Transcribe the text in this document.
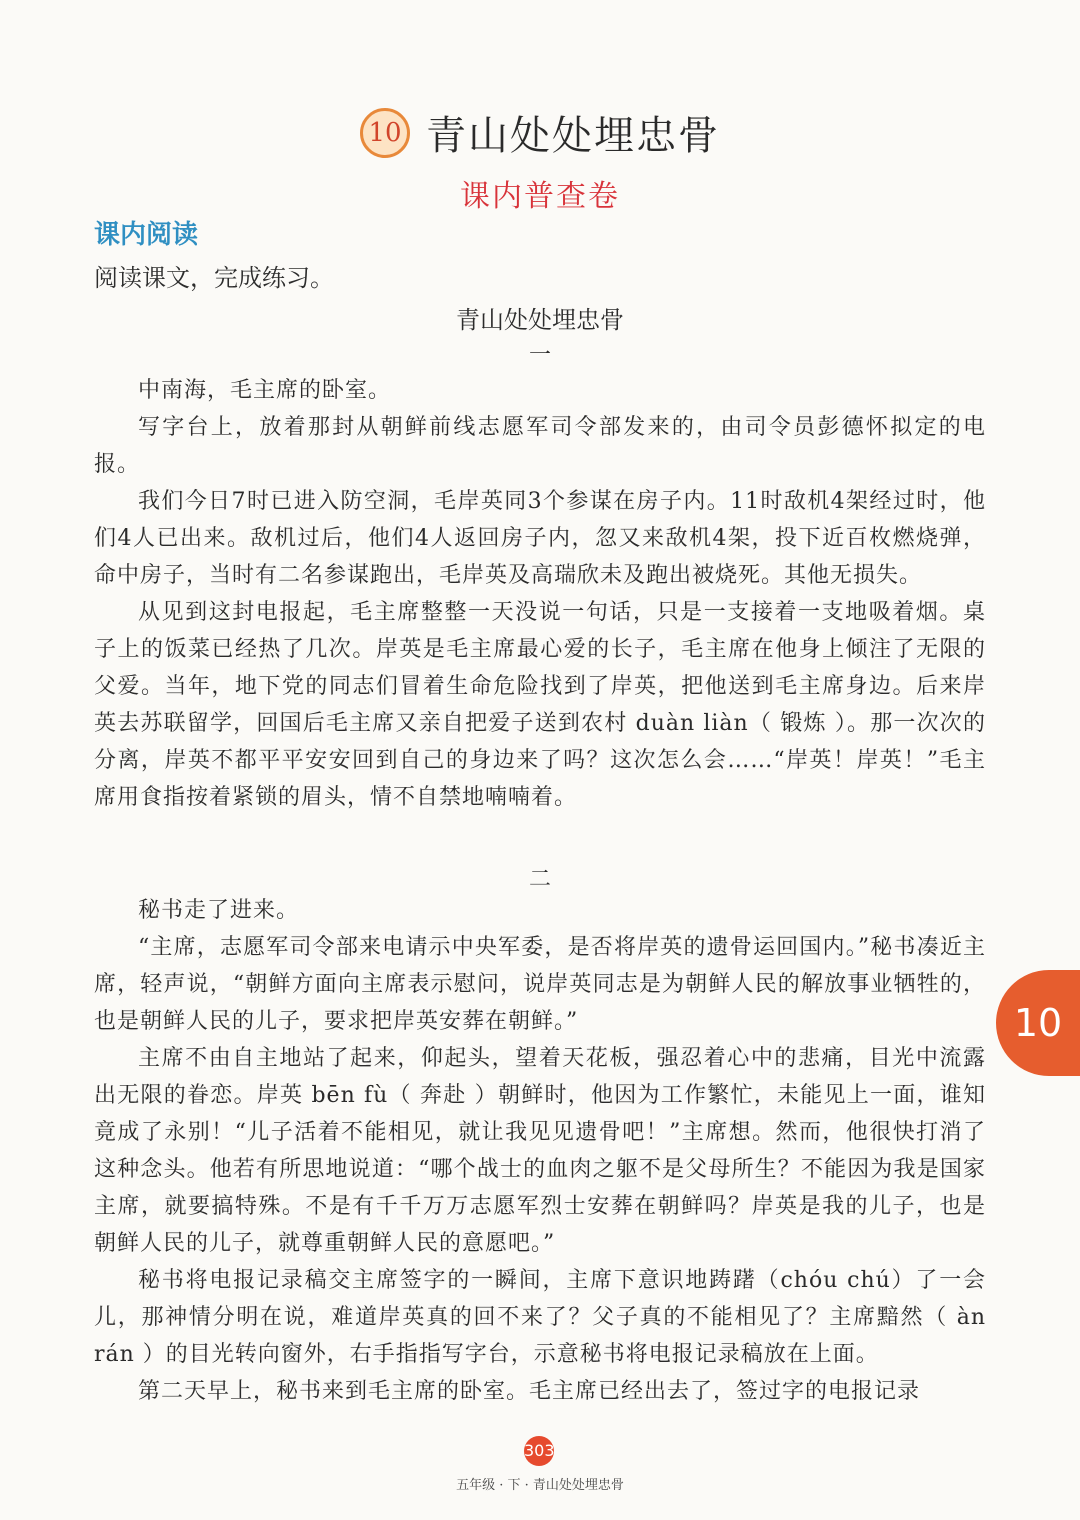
10 青山处处埋忠骨
课内普查卷
课内阅读
阅读课文，完成练习。
青山处处埋忠骨
一

中南海，毛主席的卧室。

写字台上，放着那封从朝鲜前线志愿军司令部发来的，由司令员彭德怀拟定的电报。

我们今日7时已进入防空洞，毛岸英同3个参谋在房子内。11时敌机4架经过时，他们4人已出来。敌机过后，他们4人返回房子内，忽又来敌机4架，投下近百枚燃烧弹，命中房子，当时有二名参谋跑出，毛岸英及高瑞欣未及跑出被烧死。其他无损失。

从见到这封电报起，毛主席整整一天没说一句话，只是一支接着一支地吸着烟。桌子上的饭菜已经热了几次。岸英是毛主席最心爱的长子，毛主席在他身上倾注了无限的父爱。当年，地下党的同志们冒着生命危险找到了岸英，把他送到毛主席身边。后来岸英去苏联留学，回国后毛主席又亲自把爱子送到农村 duàn liàn（ 锻炼 ）。那一次次的分离，岸英不都平平安安回到自己的身边来了吗？这次怎么会……“岸英！岸英！”毛主席用食指按着紧锁的眉头，情不自禁地喃喃着。

二

秘书走了进来。

“主席，志愿军司令部来电请示中央军委，是否将岸英的遗骨运回国内。”秘书凑近主席，轻声说，“朝鲜方面向主席表示慰问，说岸英同志是为朝鲜人民的解放事业牺牲的，也是朝鲜人民的儿子，要求把岸英安葬在朝鲜。”

主席不由自主地站了起来，仰起头，望着天花板，强忍着心中的悲痛，目光中流露出无限的眷恋。岸英 bēn fù（ 奔赴 ）朝鲜时，他因为工作繁忙，未能见上一面，谁知竟成了永别！“儿子活着不能相见，就让我见见遗骨吧！”主席想。然而，他很快打消了这种念头。他若有所思地说道：“哪个战士的血肉之躯不是父母所生？不能因为我是国家主席，就要搞特殊。不是有千千万万志愿军烈士安葬在朝鲜吗？岸英是我的儿子，也是朝鲜人民的儿子，就尊重朝鲜人民的意愿吧。”

秘书将电报记录稿交主席签字的一瞬间，主席下意识地踌躇（chóu chú）了一会儿，那神情分明在说，难道岸英真的回不来了？父子真的不能相见了？主席黯然（ àn rán ）的目光转向窗外，右手指指写字台，示意秘书将电报记录稿放在上面。

第二天早上，秘书来到毛主席的卧室。毛主席已经出去了，签过字的电报记录

10
303
五年级 · 下 · 青山处处埋忠骨
